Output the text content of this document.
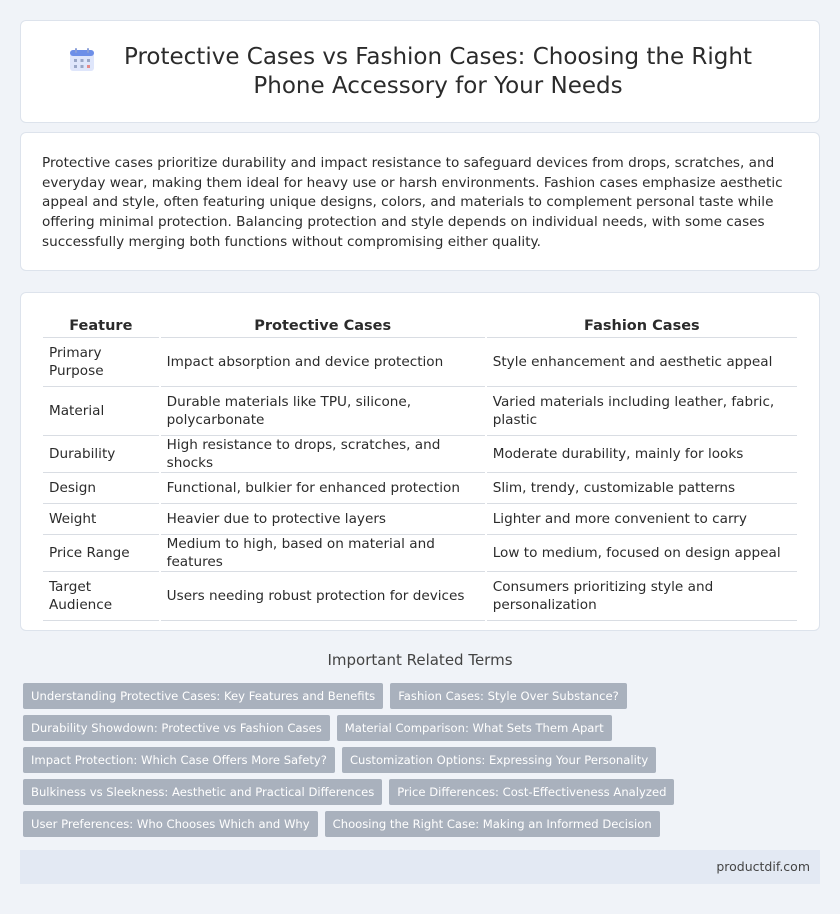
Protective Cases vs Fashion Cases: Choosing the Right Phone Accessory for Your Needs

Protective cases prioritize durability and impact resistance to safeguard devices from drops, scratches, and everyday wear, making them ideal for heavy use or harsh environments. Fashion cases emphasize aesthetic appeal and style, often featuring unique designs, colors, and materials to complement personal taste while offering minimal protection. Balancing protection and style depends on individual needs, with some cases successfully merging both functions without compromising either quality.

Feature	Protective Cases	Fashion Cases
Primary Purpose	Impact absorption and device protection	Style enhancement and aesthetic appeal
Material	Durable materials like TPU, silicone, polycarbonate	Varied materials including leather, fabric, plastic
Durability	High resistance to drops, scratches, and shocks	Moderate durability, mainly for looks
Design	Functional, bulkier for enhanced protection	Slim, trendy, customizable patterns
Weight	Heavier due to protective layers	Lighter and more convenient to carry
Price Range	Medium to high, based on material and features	Low to medium, focused on design appeal
Target Audience	Users needing robust protection for devices	Consumers prioritizing style and personalization
Important Related Terms
Understanding Protective Cases: Key Features and Benefits	Fashion Cases: Style Over Substance?
Durability Showdown: Protective vs Fashion Cases	Material Comparison: What Sets Them Apart
Impact Protection: Which Case Offers More Safety?	Customization Options: Expressing Your Personality
Bulkiness vs Sleekness: Aesthetic and Practical Differences	Price Differences: Cost-Effectiveness Analyzed
User Preferences: Who Chooses Which and Why	Choosing the Right Case: Making an Informed Decision
productdif.com
